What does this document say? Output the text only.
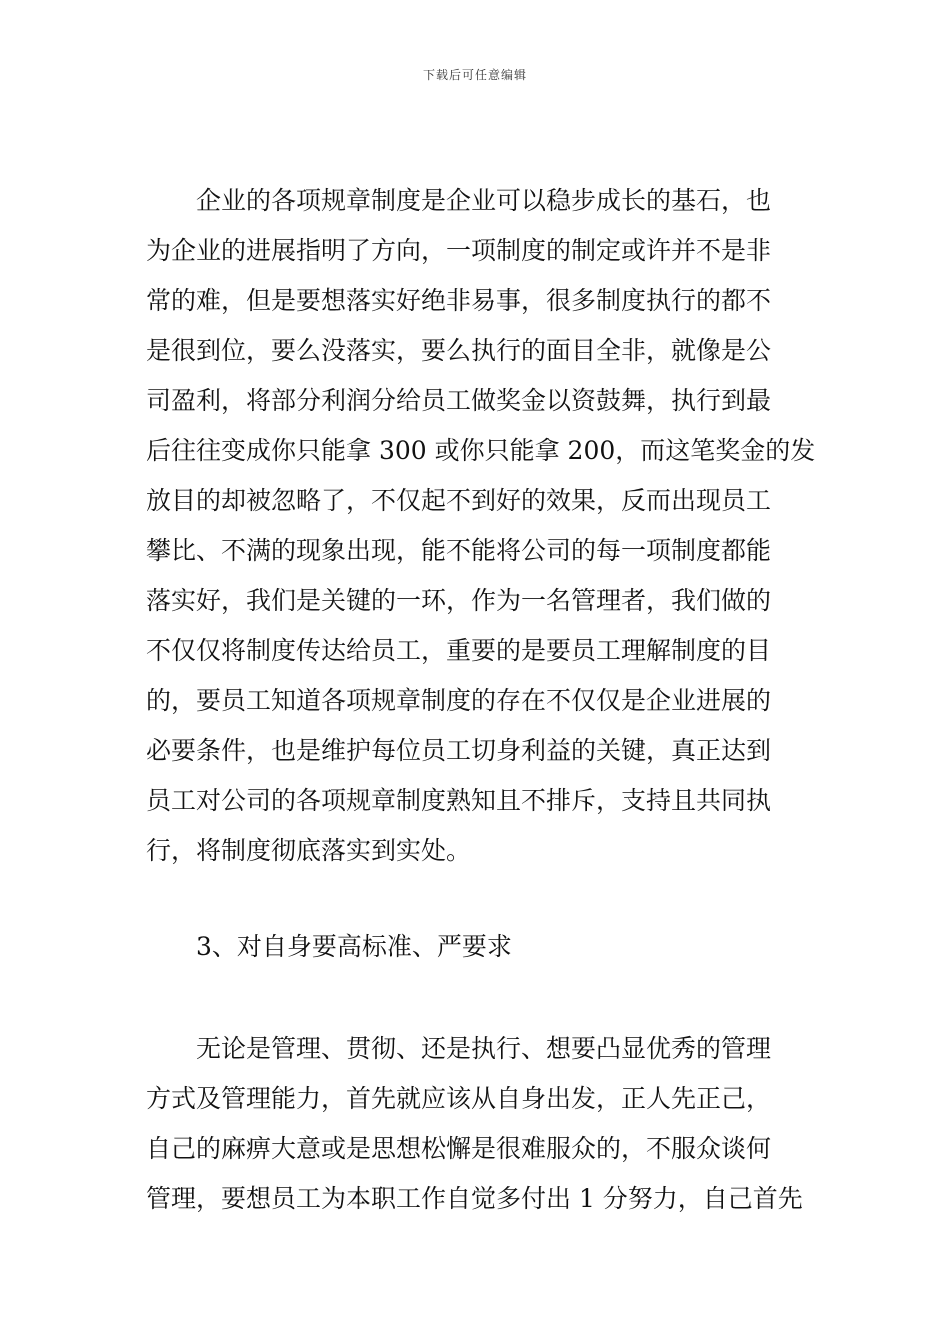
下载后可任意编辑
　　企业的各项规章制度是企业可以稳步成长的基石，也
为企业的进展指明了方向，一项制度的制定或许并不是非
常的难，但是要想落实好绝非易事，很多制度执行的都不
是很到位，要么没落实，要么执行的面目全非，就像是公
司盈利，将部分利润分给员工做奖金以资鼓舞，执行到最
后往往变成你只能拿 300 或你只能拿 200，而这笔奖金的发
放目的却被忽略了，不仅起不到好的效果，反而出现员工
攀比、不满的现象出现，能不能将公司的每一项制度都能
落实好，我们是关键的一环，作为一名管理者，我们做的
不仅仅将制度传达给员工，重要的是要员工理解制度的目
的，要员工知道各项规章制度的存在不仅仅是企业进展的
必要条件，也是维护每位员工切身利益的关键，真正达到
员工对公司的各项规章制度熟知且不排斥，支持且共同执
行，将制度彻底落实到实处。
　　3、对自身要高标准、严要求
　　无论是管理、贯彻、还是执行、想要凸显优秀的管理
方式及管理能力，首先就应该从自身出发，正人先正己，
自己的麻痹大意或是思想松懈是很难服众的，不服众谈何
管理，要想员工为本职工作自觉多付出 1 分努力，自己首先
